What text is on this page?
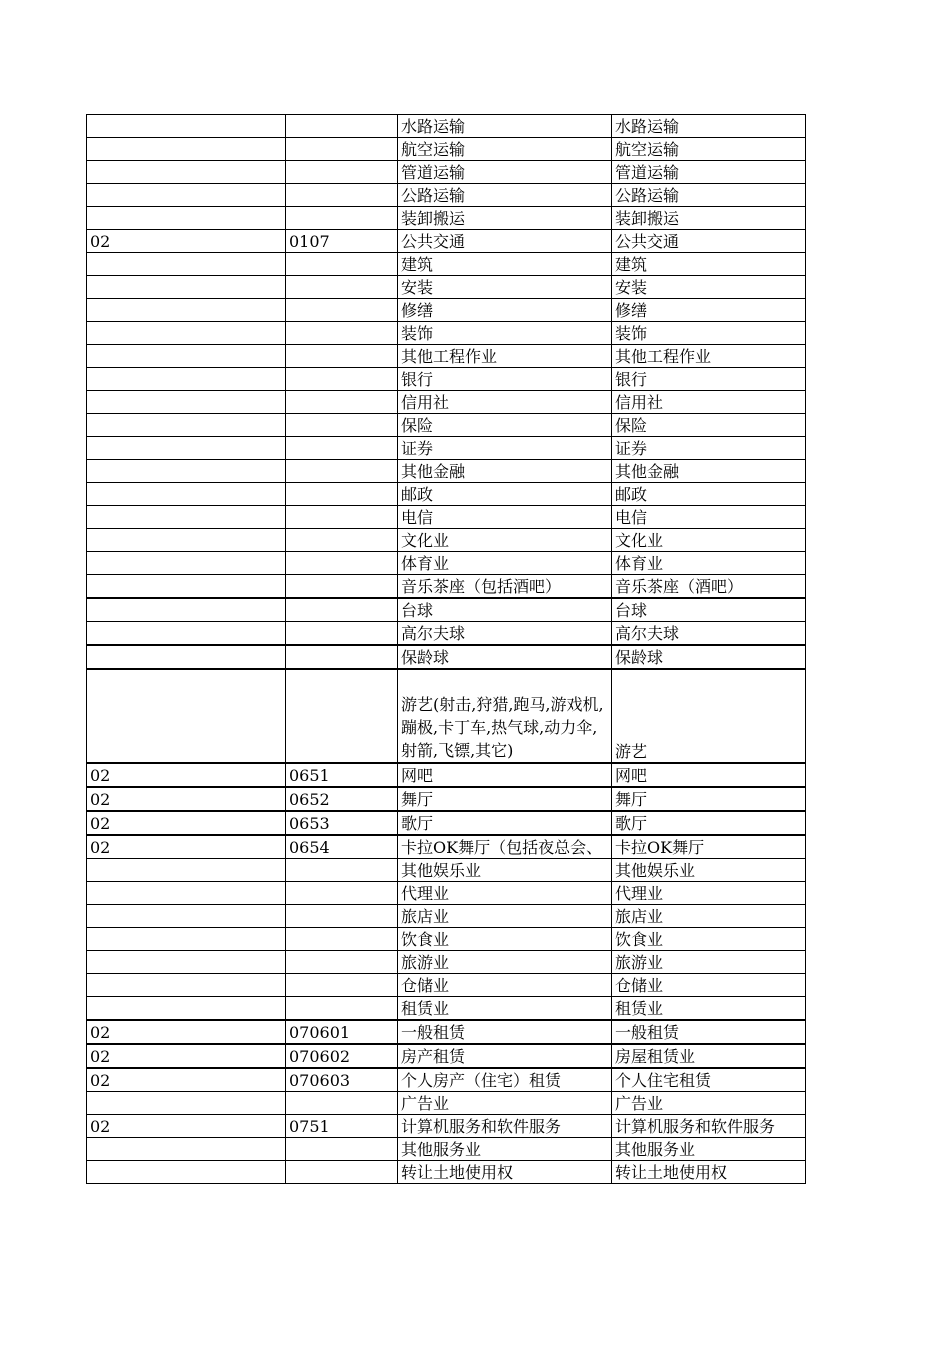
		水路运输	水路运输
		航空运输	航空运输
		管道运输	管道运输
		公路运输	公路运输
		装卸搬运	装卸搬运
02	0107	公共交通	公共交通
		建筑	建筑
		安装	安装
		修缮	修缮
		装饰	装饰
		其他工程作业	其他工程作业
		银行	银行
		信用社	信用社
		保险	保险
		证券	证券
		其他金融	其他金融
		邮政	邮政
		电信	电信
		文化业	文化业
		体育业	体育业
		音乐茶座（包括酒吧）	音乐茶座（酒吧）
		台球	台球
		高尔夫球	高尔夫球
		保龄球	保龄球
		游艺(射击,狩猎,跑马,游戏机,蹦极,卡丁车,热气球,动力伞,射箭,飞镖,其它)	游艺
02	0651	网吧	网吧
02	0652	舞厅	舞厅
02	0653	歌厅	歌厅
02	0654	卡拉OK舞厅（包括夜总会、	卡拉OK舞厅
		其他娱乐业	其他娱乐业
		代理业	代理业
		旅店业	旅店业
		饮食业	饮食业
		旅游业	旅游业
		仓储业	仓储业
		租赁业	租赁业
02	070601	一般租赁	一般租赁
02	070602	房产租赁	房屋租赁业
02	070603	个人房产（住宅）租赁	个人住宅租赁
		广告业	广告业
02	0751	计算机服务和软件服务	计算机服务和软件服务
		其他服务业	其他服务业
		转让土地使用权	转让土地使用权
